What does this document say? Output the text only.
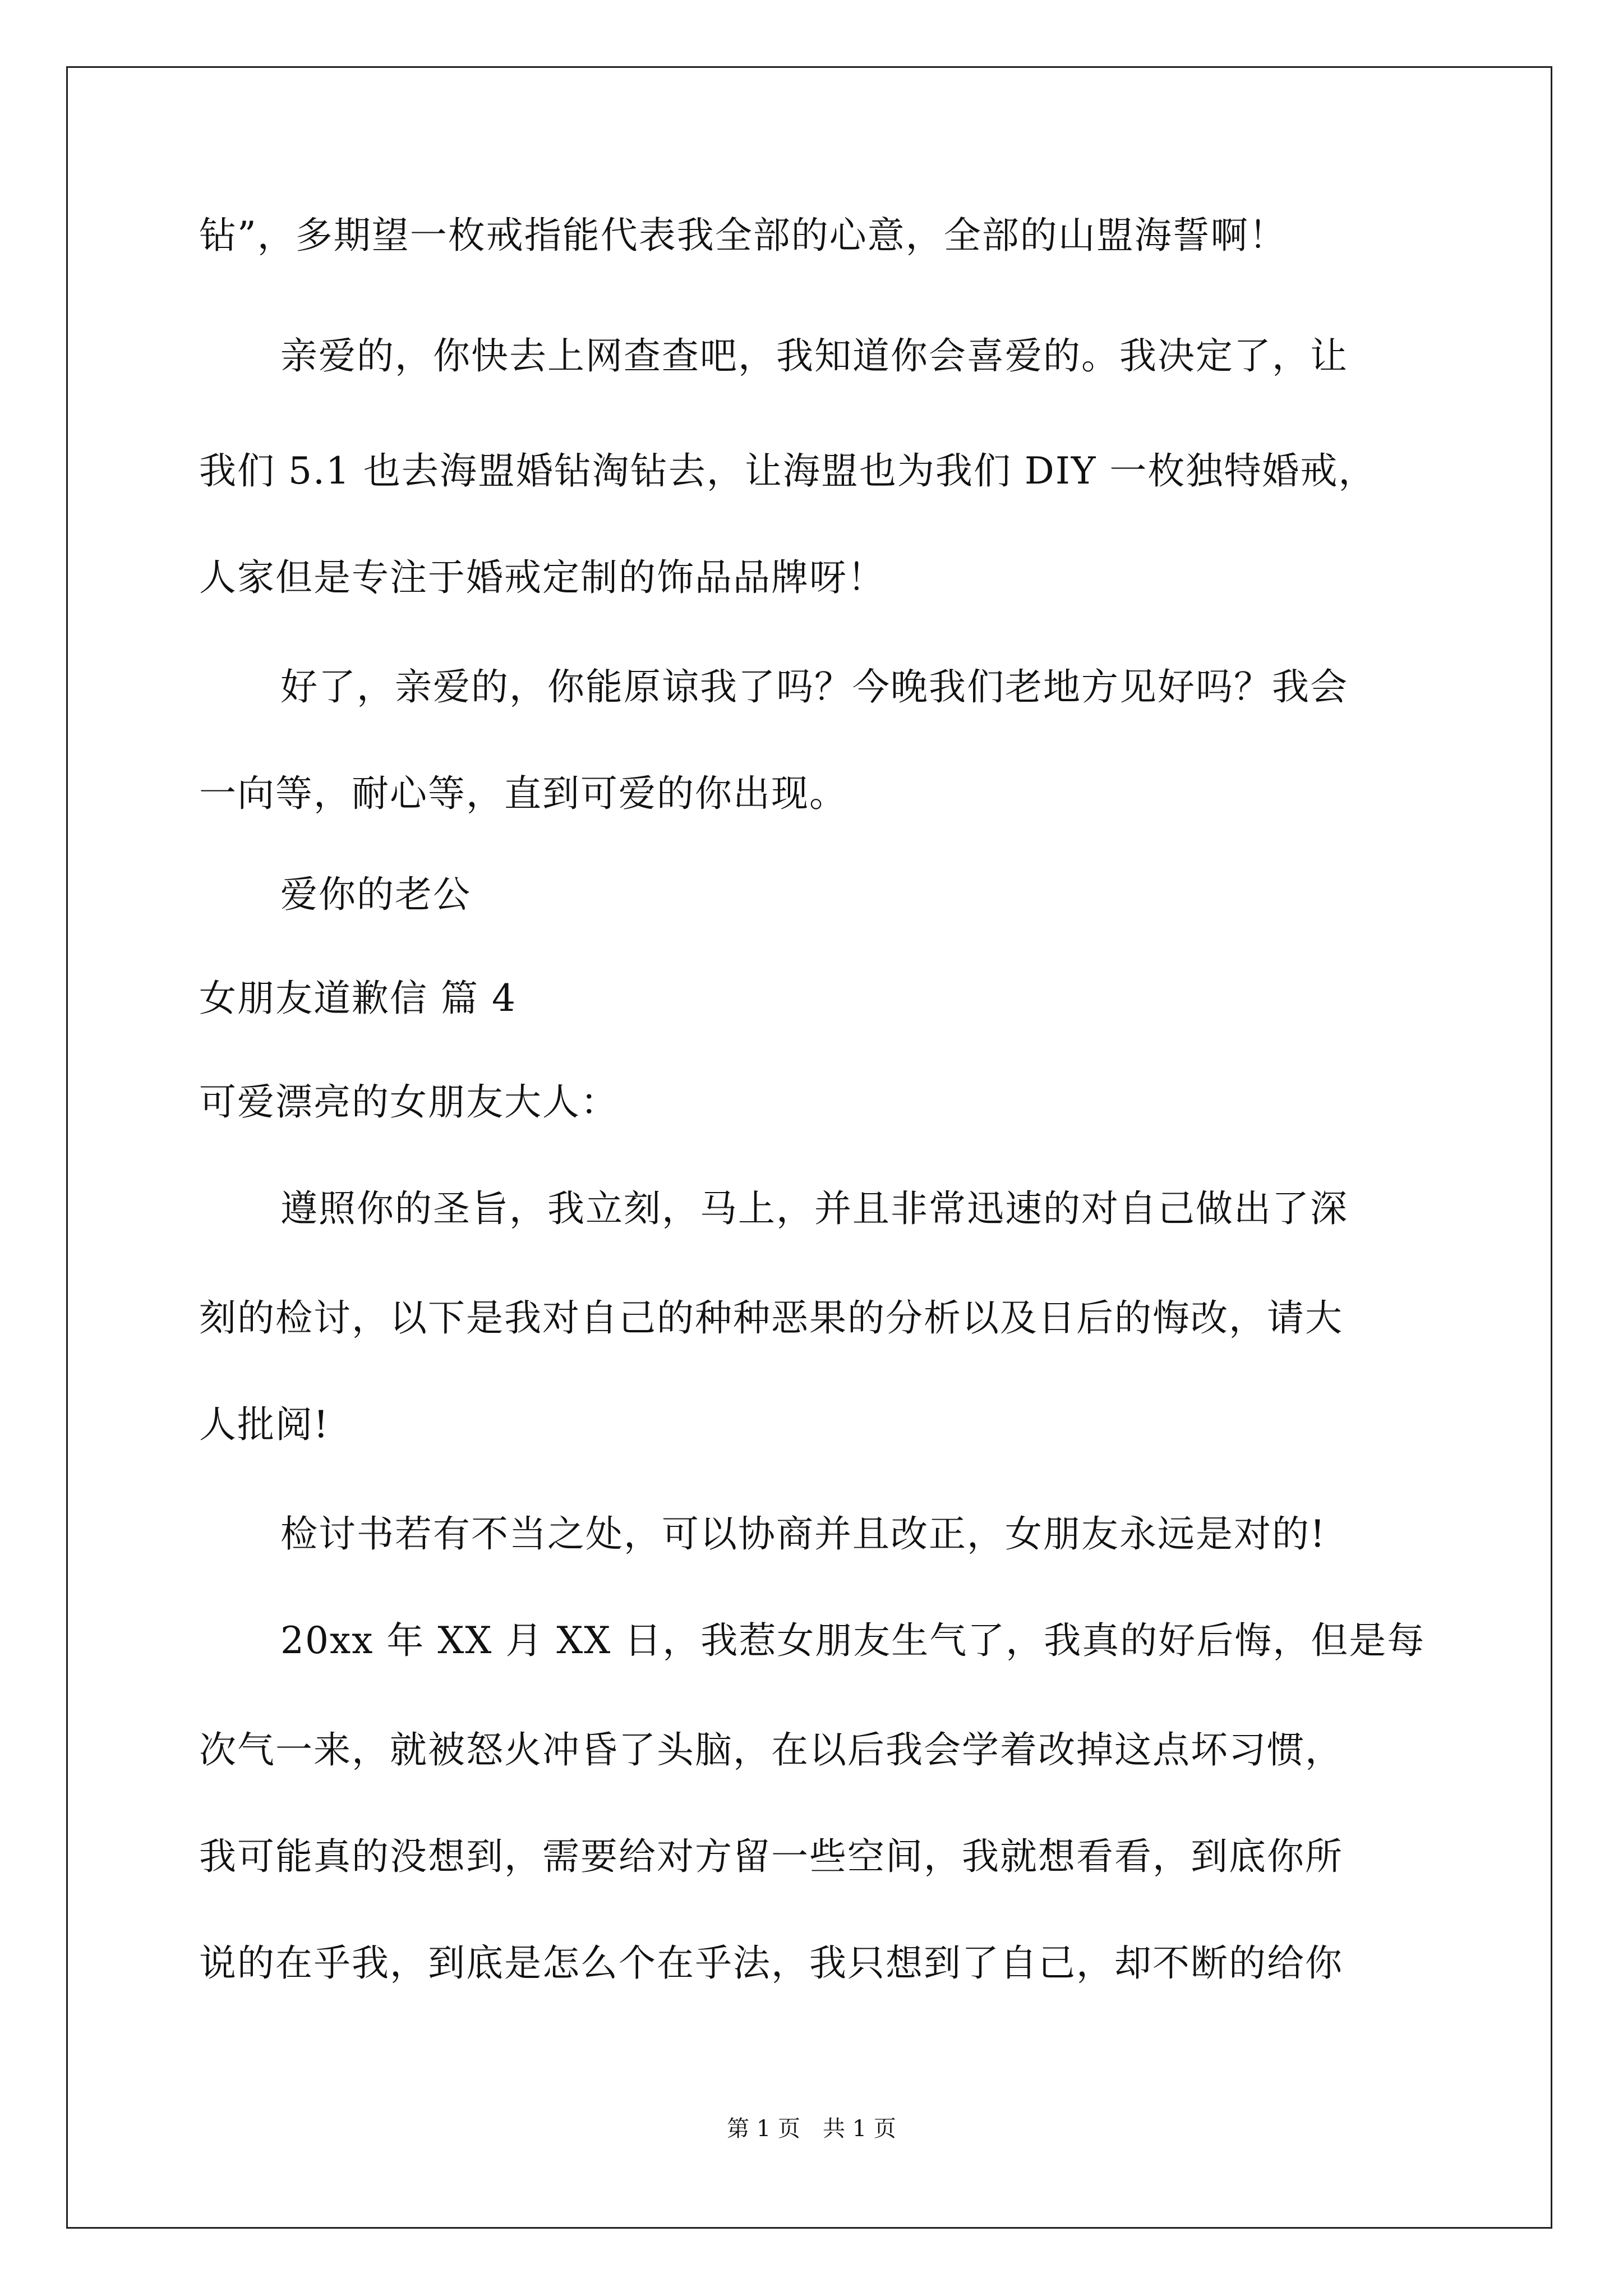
钻”，多期望一枚戒指能代表我全部的心意，全部的山盟海誓啊！
亲爱的，你快去上网查查吧，我知道你会喜爱的。我决定了，让
我们 5.1 也去海盟婚钻淘钻去，让海盟也为我们 DIY 一枚独特婚戒，
人家但是专注于婚戒定制的饰品品牌呀！
好了，亲爱的，你能原谅我了吗？今晚我们老地方见好吗？我会
一向等，耐心等，直到可爱的你出现。
爱你的老公
女朋友道歉信 篇 4
可爱漂亮的女朋友大人：
遵照你的圣旨，我立刻，马上，并且非常迅速的对自己做出了深
刻的检讨，以下是我对自己的种种恶果的分析以及日后的悔改，请大
人批阅!
检讨书若有不当之处，可以协商并且改正，女朋友永远是对的!
20xx 年 XX 月 XX 日，我惹女朋友生气了，我真的好后悔，但是每
次气一来，就被怒火冲昏了头脑，在以后我会学着改掉这点坏习惯，
我可能真的没想到，需要给对方留一些空间，我就想看看，到底你所
说的在乎我，到底是怎么个在乎法，我只想到了自己，却不断的给你
第 1 页　共 1 页
